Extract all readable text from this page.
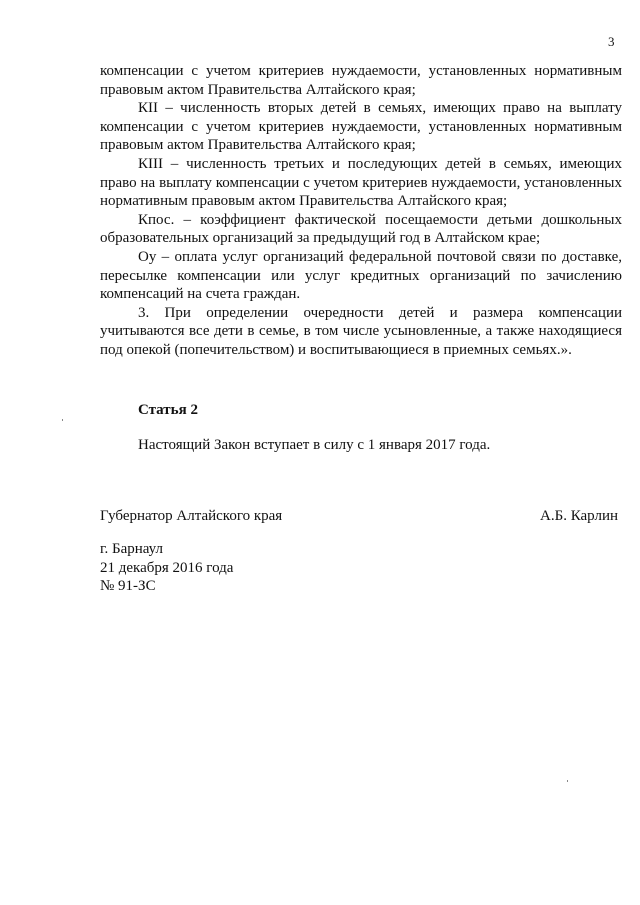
3

компенсации с учетом критериев нуждаемости, установленных нормативным правовым актом Правительства Алтайского края;

КII – численность вторых детей в семьях, имеющих право на выплату компенсации с учетом критериев нуждаемости, установленных нормативным правовым актом Правительства Алтайского края;

КIII – численность третьих и последующих детей в семьях, имеющих право на выплату компенсации с учетом критериев нуждаемости, установленных нормативным правовым актом Правительства Алтайского края;

Кпос. – коэффициент фактической посещаемости детьми дошкольных образовательных организаций за предыдущий год в Алтайском крае;

Оу – оплата услуг организаций федеральной почтовой связи по доставке, пересылке компенсации или услуг кредитных организаций по зачислению компенсаций на счета граждан.

3. При определении очередности детей и размера компенсации учитываются все дети в семье, в том числе усыновленные, а также находящиеся под опекой (попечительством) и воспитывающиеся в приемных семьях.».

Статья 2
Настоящий Закон вступает в силу с 1 января 2017 года.
Губернатор Алтайского края	А.Б. Карлин
г. Барнаул
21 декабря 2016 года
№ 91-ЗС
